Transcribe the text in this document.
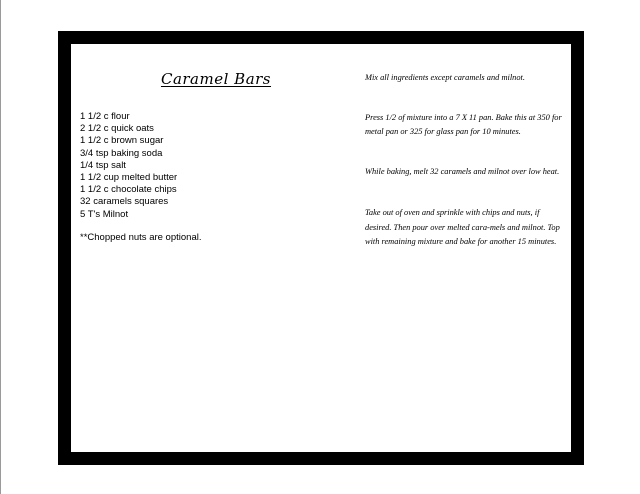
Caramel Bars
1 1/2 c flour
2 1/2 c quick oats
1 1/2 c brown sugar
3/4 tsp baking soda
1/4 tsp salt
1 1/2 cup melted butter
1 1/2 c chocolate chips
32 caramels squares
5 T's Milnot

**Chopped nuts are optional.

Mix all ingredients except caramels and milnot.

Press 1/2 of mixture into a 7 X 11 pan. Bake this at 350 for metal pan or 325 for glass pan for 10 minutes.

While baking, melt 32 caramels and milnot over low heat.

Take out of oven and sprinkle with chips and nuts, if desired. Then pour over melted cara-mels and milnot. Top with remaining mixture and bake for another 15 minutes.
